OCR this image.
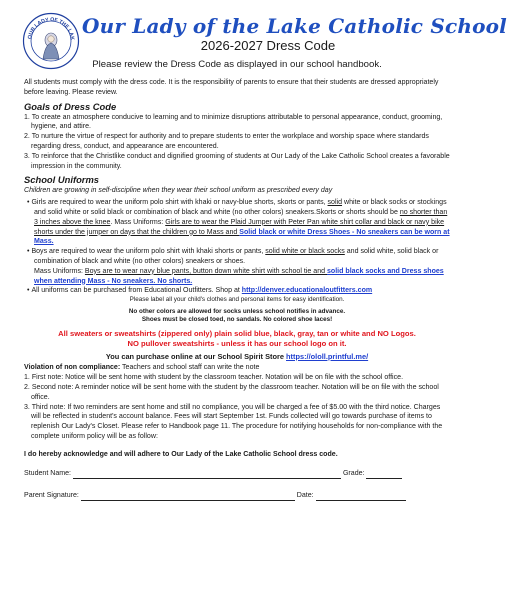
OUR LADY OF THE LAK
Our Lady of the Lake Catholic School
2026-2027 Dress Code
Please review the Dress Code as displayed in our school handbook.

All students must comply with the dress code. It is the responsibility of parents to ensure that their students are dressed appropriately before leaving. Please review.

Goals of Dress Code

1. To create an atmosphere conducive to learning and to minimize disruptions attributable to personal appearance, conduct, grooming, hygiene, and attire.

2. To nurture the virtue of respect for authority and to prepare students to enter the workplace and worship space where standards regarding dress, conduct, and appearance are encountered.

3. To reinforce that the Christlike conduct and dignified grooming of students at Our Lady of the Lake Catholic School creates a favorable impression in the community.

School Uniforms

Children are growing in self-discipline when they wear their school uniform as prescribed every day

• Girls are required to wear the uniform polo shirt with khaki or navy-blue shorts, skorts or pants, solid white or black socks or stockings and solid white or solid black or combination of black and white (no other colors) sneakers.Skorts or shorts should be no shorter than 3 inches above the knee. Mass Uniforms: Girls are to wear the Plaid Jumper with Peter Pan white shirt collar and black or navy bike shorts under the jumper on days that the children go to Mass and Solid black or white Dress Shoes - No sneakers can be worn at Mass.

• Boys are required to wear the uniform polo shirt with khaki shorts or pants, solid white or black socks and solid white, solid black or combination of black and white (no other colors) sneakers or shoes.
Mass Uniforms: Boys are to wear navy blue pants, button down white shirt with school tie and solid black socks and Dress shoes when attending Mass - No sneakers. No shorts.

• All uniforms can be purchased from Educational Outfitters. Shop at http://denver.educationaloutfitters.com

Please label all your child's clothes and personal items for easy identification.

No other colors are allowed for socks unless school notifies in advance.

Shoes must be closed toed, no sandals. No colored shoe laces!

All sweaters or sweatshirts (zippered only) plain solid blue, black, gray, tan or white and NO Logos.

NO pullover sweatshirts - unless it has our school logo on it.

You can purchase online at our School Spirit Store https://ololl.printful.me/

Violation of non compliance: Teachers and school staff can write the note

1. First note: Notice will be sent home with student by the classroom teacher. Notation will be on file with the school office.

2. Second note: A reminder notice will be sent home with the student by the classroom teacher. Notation will be on file with the school office.

3. Third note: If two reminders are sent home and still no compliance, you will be charged a fee of $5.00 with the third notice. Charges will be reflected in student's account balance. Fees will start September 1st. Funds collected will go towards purchase of items to replenish Our Lady's Closet. Please refer to Handbook page 11. The procedure for notifying households for non-compliance with the complete uniform policy will be as follow:

I do hereby acknowledge and will adhere to Our Lady of the Lake Catholic School dress code.

Student Name:	Grade:

Parent Signature:	Date:
